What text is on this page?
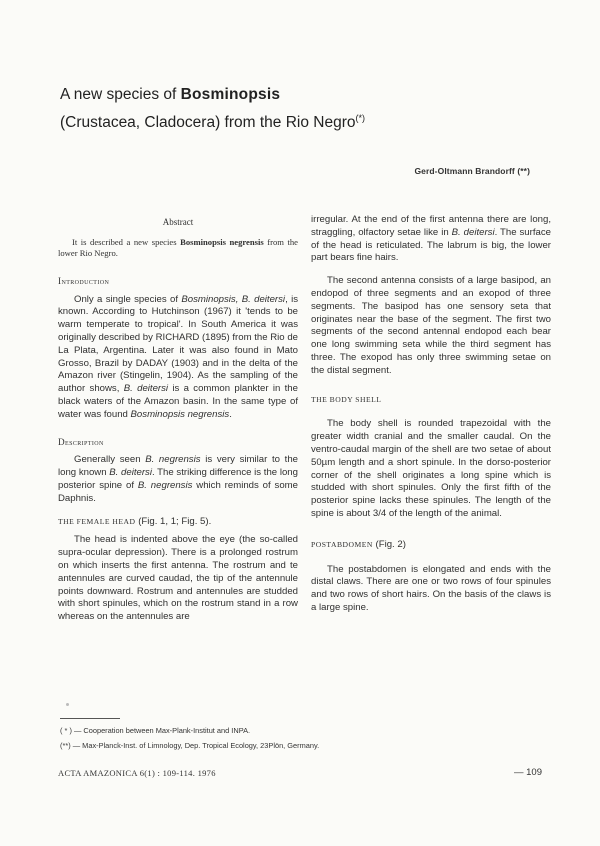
A new species of Bosminopsis
(Crustacea, Cladocera) from the Rio Negro(*)
Gerd-Oltmann Brandorff (**)
Abstract

It is described a new species Bosminopsis negrensis from the lower Rio Negro.

Introduction

Only a single species of Bosminopsis, B. deitersi, is known. According to Hutchinson (1967) it 'tends to be warm temperate to tropical'. In South America it was originally described by RICHARD (1895) from the Rio de La Plata, Argentina. Later it was also found in Mato Grosso, Brazil by DADAY (1903) and in the delta of the Amazon river (Stingelin, 1904). As the sampling of the author shows, B. deitersi is a common plankter in the black waters of the Amazon basin. In the same type of water was found Bosminopsis negrensis.

Description

Generally seen B. negrensis is very similar to the long known B. deitersi. The striking difference is the long posterior spine of B. negrensis which reminds of some Daphnis.

THE FEMALE HEAD (Fig. 1, 1; Fig. 5).

The head is indented above the eye (the so-called supra-ocular depression). There is a prolonged rostrum on which inserts the first antenna. The rostrum and te antennules are curved caudad, the tip of the antennule points downward. Rostrum and antennules are studded with short spinules, which on the rostrum stand in a row whereas on the antennules are

irregular. At the end of the first antenna there are long, straggling, olfactory setae like in B. deitersi. The surface of the head is reticulated. The labrum is big, the lower part bears fine hairs.

The second antenna consists of a large basipod, an endopod of three segments and an exopod of three segments. The basipod has one sensory seta that originates near the base of the segment. The first two segments of the second antennal endopod each bear one long swimming seta while the third segment has three. The exopod has only three swimming setae on the distal segment.

THE BODY SHELL

The body shell is rounded trapezoidal with the greater width cranial and the smaller caudal. On the ventro-caudal margin of the shell are two setae of about 50µm length and a short spinule. In the dorso-posterior corner of the shell originates a long spine which is studded with short spinules. Only the first fifth of the posterior spine lacks these spinules. The length of the spine is about 3/4 of the length of the animal.

POSTABDOMEN (Fig. 2)

The postabdomen is elongated and ends with the distal claws. There are one or two rows of four spinules and two rows of short hairs. On the basis of the claws is a large spine.

( * ) — Cooperation between Max-Plank-Institut and INPA.
(**) — Max-Planck-Inst. of Limnology, Dep. Tropical Ecology, 23Plön, Germany.
ACTA AMAZONICA 6(1) : 109-114. 1976	— 109
